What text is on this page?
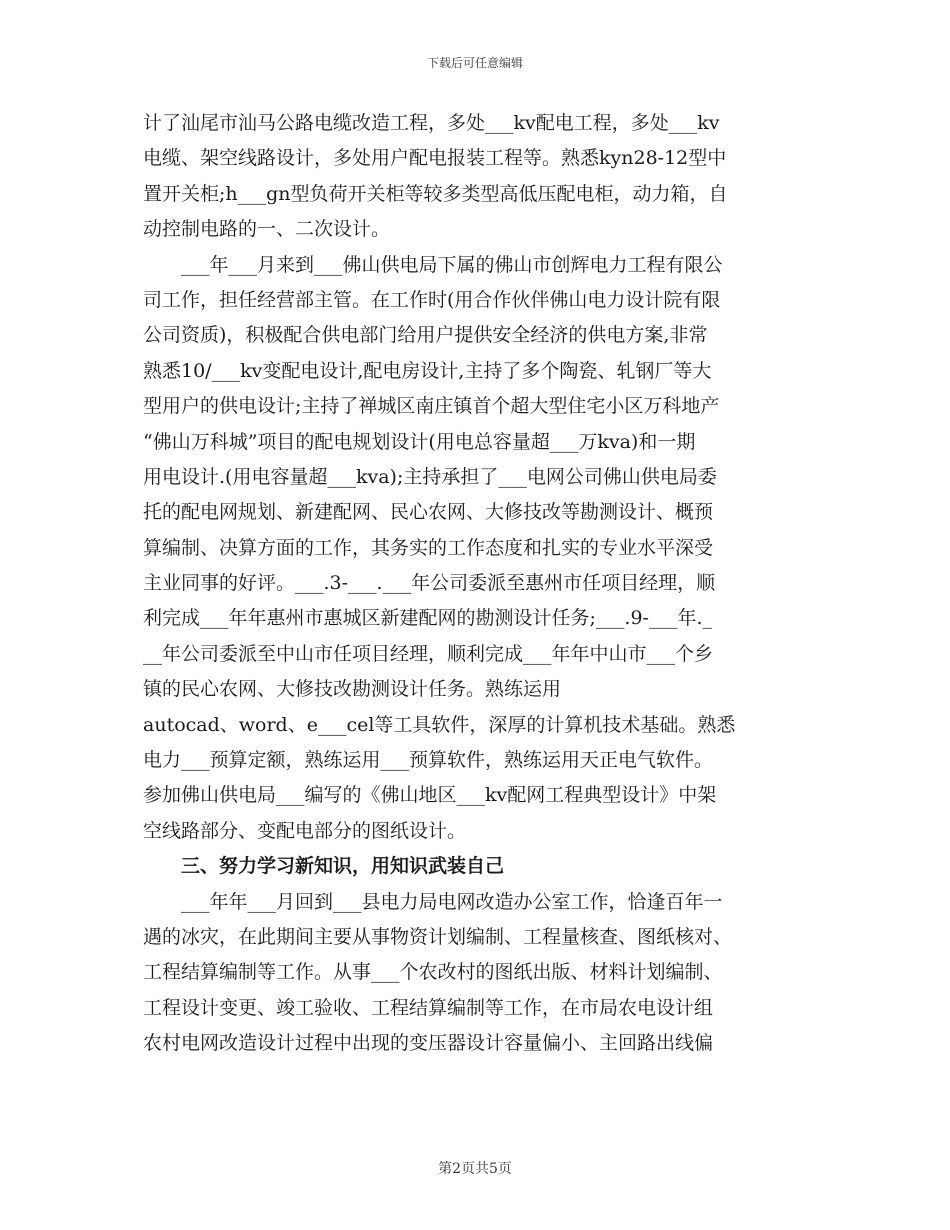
下载后可任意编辑
计了汕尾市汕马公路电缆改造工程，多处___kv配电工程，多处___kv
电缆、架空线路设计，多处用户配电报装工程等。熟悉kyn28-12型中
置开关柜;h___gn型负荷开关柜等较多类型高低压配电柜，动力箱，自
动控制电路的一、二次设计。
___年___月来到___佛山供电局下属的佛山市创辉电力工程有限公
司工作，担任经营部主管。在工作时(用合作伙伴佛山电力设计院有限
公司资质)，积极配合供电部门给用户提供安全经济的供电方案,非常
熟悉10/___kv变配电设计,配电房设计,主持了多个陶瓷、轧钢厂等大
型用户的供电设计;主持了禅城区南庄镇首个超大型住宅小区万科地产
“佛山万科城”项目的配电规划设计(用电总容量超___万kva)和一期
用电设计.(用电容量超___kva);主持承担了___电网公司佛山供电局委
托的配电网规划、新建配网、民心农网、大修技改等勘测设计、概预
算编制、决算方面的工作，其务实的工作态度和扎实的专业水平深受
主业同事的好评。___.3-___.___年公司委派至惠州市任项目经理，顺
利完成___年年惠州市惠城区新建配网的勘测设计任务;___.9-___年._
__年公司委派至中山市任项目经理，顺利完成___年年中山市___个乡
镇的民心农网、大修技改勘测设计任务。熟练运用
autocad、word、e___cel等工具软件，深厚的计算机技术基础。熟悉
电力___预算定额，熟练运用___预算软件，熟练运用天正电气软件。
参加佛山供电局___编写的《佛山地区___kv配网工程典型设计》中架
空线路部分、变配电部分的图纸设计。
三、努力学习新知识，用知识武装自己
___年年___月回到___县电力局电网改造办公室工作，恰逢百年一
遇的冰灾，在此期间主要从事物资计划编制、工程量核查、图纸核对、
工程结算编制等工作。从事___个农改村的图纸出版、材料计划编制、
工程设计变更、竣工验收、工程结算编制等工作，在市局农电设计组
农村电网改造设计过程中出现的变压器设计容量偏小、主回路出线偏
第2页共5页
